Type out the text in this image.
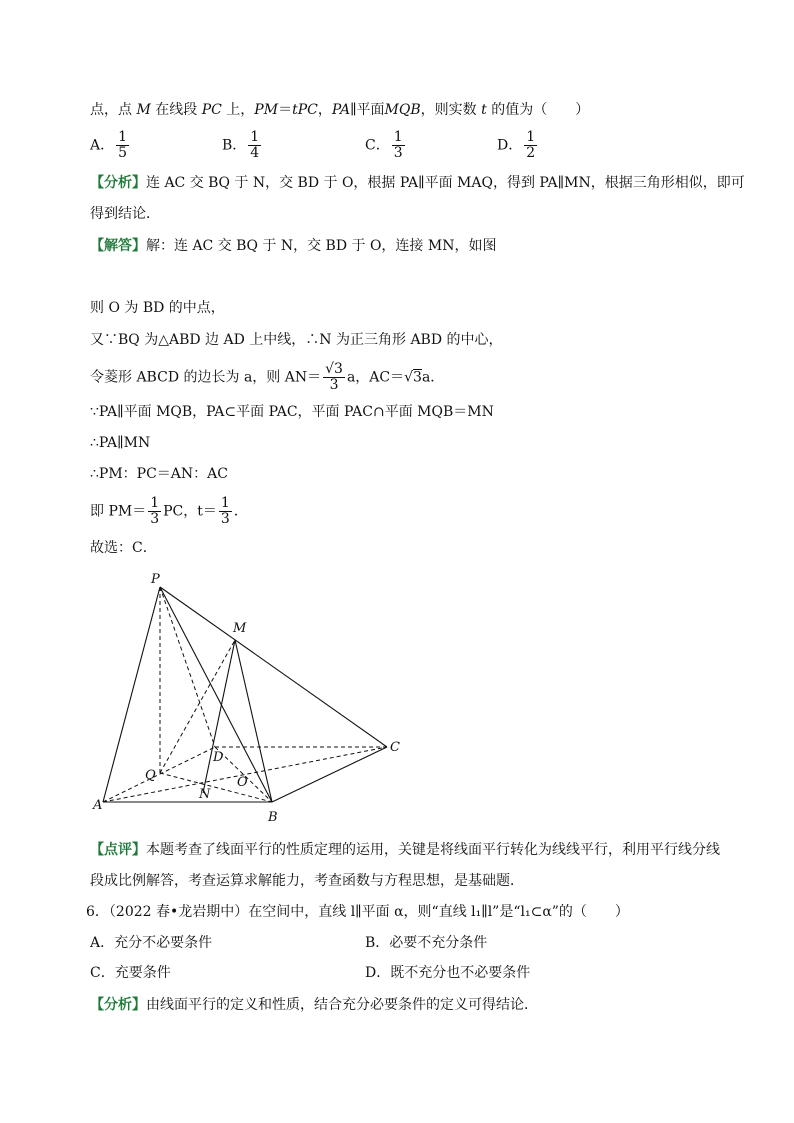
点，点 M 在线段 PC 上，PM＝tPC，PA∥平面MQB，则实数 t 的值为（　　）
A． $\frac{1}{5}$	B． $\frac{1}{4}$	C． $\frac{1}{3}$	D． $\frac{1}{2}$
【分析】连 AC 交 BQ 于 N，交 BD 于 O，根据 PA∥平面 MAQ，得到 PA∥MN，根据三角形相似，即可
得到结论．
【解答】解：连 AC 交 BQ 于 N，交 BD 于 O，连接 MN，如图
则 O 为 BD 的中点，
又∵BQ 为△ABD 边 AD 上中线，∴N 为正三角形 ABD 的中心，
令菱形 ABCD 的边长为 a，则 $AN= \frac{√3}{3}$ a，AC＝√3a．
∵PA∥平面 MQB，PA⊂平面 PAC，平面 PAC∩平面 MQB＝MN
∴PA∥MN
∴PM：PC＝AN：AC
即 $PM= \frac{1}{3}$ PC，$t= \frac{1}{3}$ ．
故选：C．
P
M
C
D
Q	O
N
A
B
【点评】本题考查了线面平行的性质定理的运用，关键是将线面平行转化为线线平行，利用平行线分线
段成比例解答，考查运算求解能力，考查函数与方程思想，是基础题．
6．（2022 春•龙岩期中）在空间中，直线 l∥平面 α，则“直线 l₁∥l”是“l₁⊂α”的（　　）
A．充分不必要条件	B．必要不充分条件
C．充要条件	D．既不充分也不必要条件
【分析】由线面平行的定义和性质，结合充分必要条件的定义可得结论．
